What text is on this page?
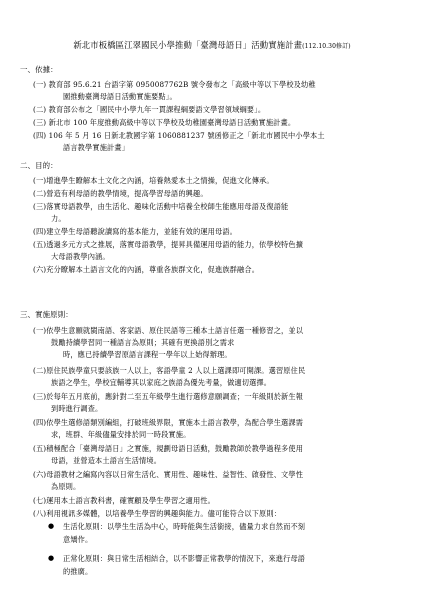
新北市板橋區江翠國民小學推動「臺灣母語日」活動實施計畫(112.10.30修訂)
一、依據：
(一) 教育部 95.6.21 台語字第 0950087762B 號令發布之「高級中等以下學校及幼稚
園推動臺灣母語日活動實施要點」。
(二) 教育部公布之「國民中小學九年一貫課程綱要語文學習領域綱要」。
(三) 新北市 100 年度推動高級中等以下學校及幼稚園臺灣母語日活動實施計畫。
(四) 106 年 5 月 16 日新北教國字第 1060881237 號函修正之「新北市國民中小學本土
語言教學實施計畫」
二、目的：
(一)增進學生瞭解本土文化之內涵，培養熱愛本土之情操，促進文化傳承。
(二)營造有利母語的教學情境，提高學習母語的興趣。
(三)落實母語教學，由生活化、趣味化活動中培養全校師生能應用母語及復語能
力。
(四)建立學生母語聽說讀寫的基本能力，並能有效的運用母語。
(五)透過多元方式之推展，落實母語教學，提昇具備運用母語的能力，依學校特色擴
大母語教學內涵。
(六)充分瞭解本土語言文化的內涵，尊重各族群文化，促進族群融合。
三、實施原則：
(一)依學生意願就閩南語、客家語、原住民語等三種本土語言任選一種修習之，並以
鼓勵持續學習同一種語言為原則；其確有更換語別之需求
時，應已持續學習原語言課程一學年以上始得辦理。
(二)原住民族學童只要該族一人以上，客語學童 2 人以上選課即可開課。選習原住民
族語之學生，學校宜輔導其以家庭之族語為優先考量，做適切選擇。
(三)於每年五月底前，應針對二至五年級學生進行選修意願調查；一年級則於新生報
到時進行調查。
(四)依學生選修語類別編組，打破班級界限，實施本土語言教學，為配合學生選課需
求，班群、年級儘量安排於同一時段實施。
(五)積極配合「臺灣母語日」之實施，規劃母語日活動，鼓勵教師於教學過程多使用
母語，並營造本土語言生活情境。
(六)母語教材之編寫內容以日常生活化、實用性、趣味性、益智性、啟發性、文學性
為原則。
(七)運用本土語言教科書，確實顧及學生學習之適用性。
(八)利用視訊多媒體，以培養學生學習的興趣與能力。儘可能符合以下原則：
● 生活化原則：以學生生活為中心，時時能與生活銜接，儘量力求自然而不刻
意矯作。
● 正常化原則：與日常生活相結合，以不影響正常教學的情況下，來進行母語
的推廣。
